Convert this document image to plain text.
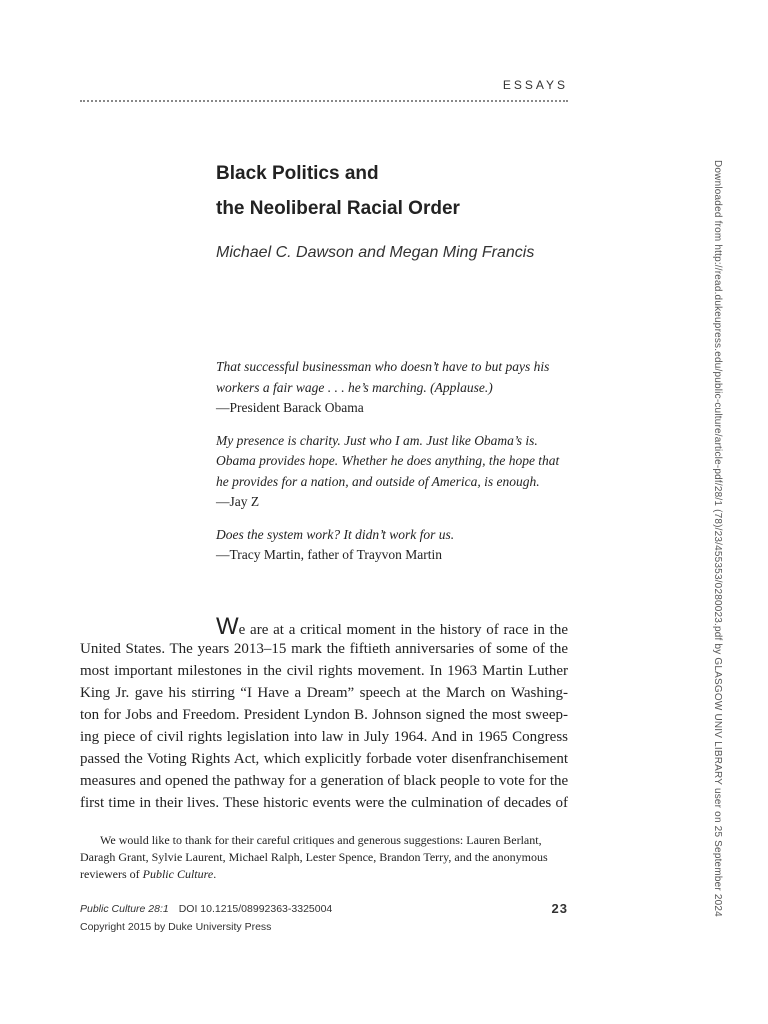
ESSAYS
Black Politics and
the Neoliberal Racial Order
Michael C. Dawson and Megan Ming Francis
That successful businessman who doesn’t have to but pays his
workers a fair wage . . . he’s marching. (Applause.)
—President Barack Obama
My presence is charity. Just who I am. Just like Obama’s is.
Obama provides hope. Whether he does anything, the hope that
he provides for a nation, and outside of America, is enough.
—Jay Z
Does the system work? It didn’t work for us.
—Tracy Martin, father of Trayvon Martin
We are at a critical moment in the history of race in the
United States. The years 2013–15 mark the fiftieth anniversaries of some of the
most important milestones in the civil rights movement. In 1963 Martin Luther
King Jr. gave his stirring “I Have a Dream” speech at the March on Washing-
ton for Jobs and Freedom. President Lyndon B. Johnson signed the most sweep-
ing piece of civil rights legislation into law in July 1964. And in 1965 Congress
passed the Voting Rights Act, which explicitly forbade voter disenfranchisement
measures and opened the pathway for a generation of black people to vote for the
first time in their lives. These historic events were the culmination of decades of
We would like to thank for their careful critiques and generous suggestions: Lauren Berlant,
Daragh Grant, Sylvie Laurent, Michael Ralph, Lester Spence, Brandon Terry, and the anonymous
reviewers of Public Culture.
Public Culture 28:1 DOI 10.1215/08992363-3325004	23
Copyright 2015 by Duke University Press
Downloaded from http://read.dukeupress.edu/public-culture/article-pdf/28/1 (78)/23/455353/0280023.pdf by GLASGOW UNIV LIBRARY user on 25 September 2024
